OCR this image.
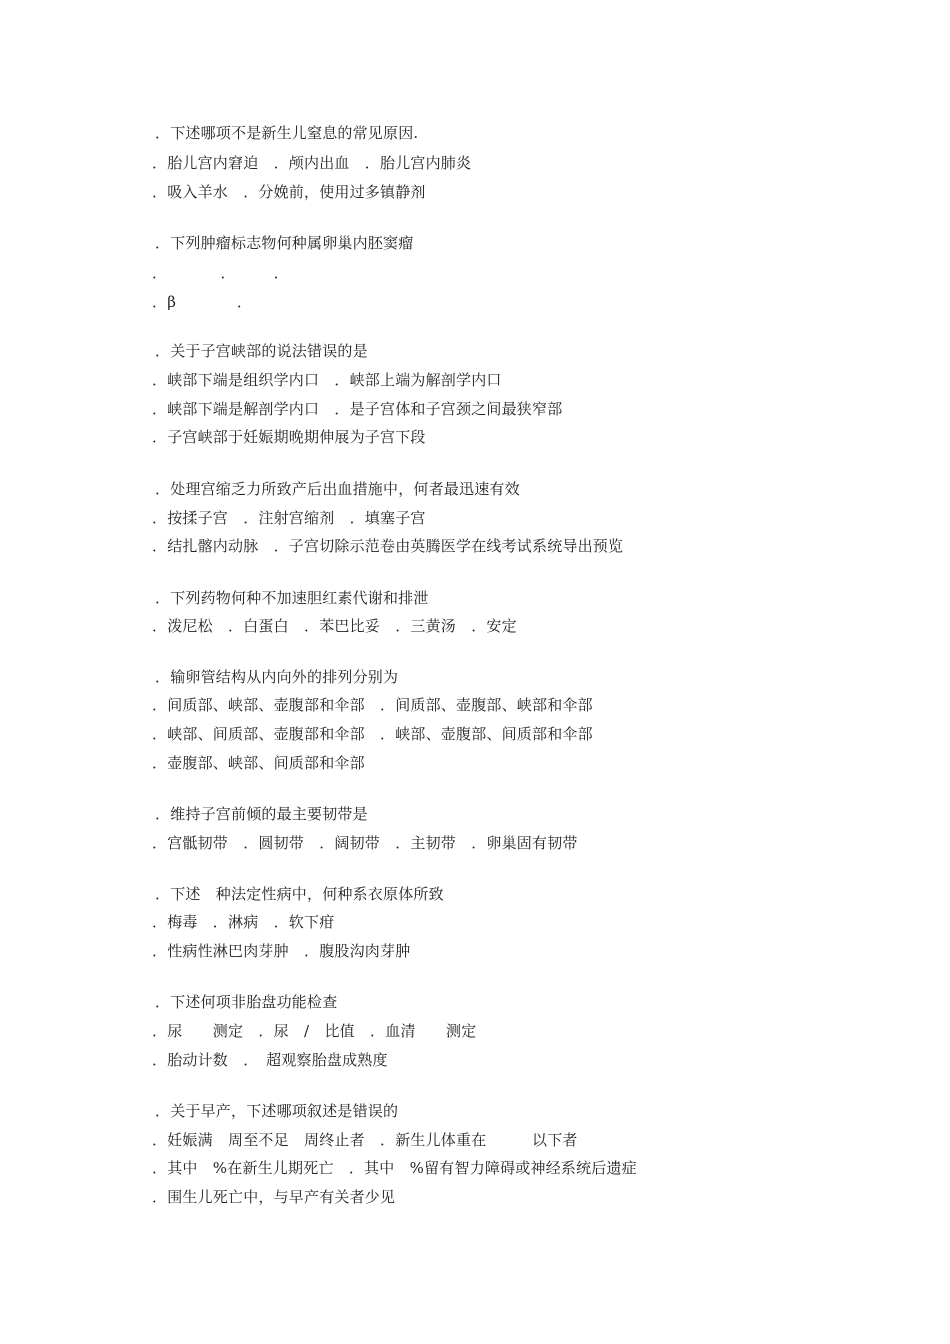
．下述哪项不是新生儿窒息的常见原因.
．胎儿宫内窘迫　．颅内出血　．胎儿宫内肺炎
．吸入羊水　．分娩前，使用过多镇静剂
．下列肿瘤标志物何种属卵巢内胚窦瘤
．　　　　．　　　．
．β　　　　．
．关于子宫峡部的说法错误的是
．峡部下端是组织学内口　．峡部上端为解剖学内口
．峡部下端是解剖学内口　．是子宫体和子宫颈之间最狭窄部
．子宫峡部于妊娠期晚期伸展为子宫下段
．处理宫缩乏力所致产后出血措施中，何者最迅速有效
．按揉子宫　．注射宫缩剂　．填塞子宫
．结扎髂内动脉　．子宫切除示范卷由英腾医学在线考试系统导出预览
．下列药物何种不加速胆红素代谢和排泄
．泼尼松　．白蛋白　．苯巴比妥　．三黄汤　．安定
．输卵管结构从内向外的排列分别为
．间质部、峡部、壶腹部和伞部　．间质部、壶腹部、峡部和伞部
．峡部、间质部、壶腹部和伞部　．峡部、壶腹部、间质部和伞部
．壶腹部、峡部、间质部和伞部
．维持子宫前倾的最主要韧带是
．宫骶韧带　．圆韧带　．阔韧带　．主韧带　．卵巢固有韧带
．下述　种法定性病中，何种系衣原体所致
．梅毒　．淋病　．软下疳
．性病性淋巴肉芽肿　．腹股沟肉芽肿
．下述何项非胎盘功能检查
．尿　　测定　．尿　/　比值　．血清　　测定
．胎动计数　．　超观察胎盘成熟度
．关于早产，下述哪项叙述是错误的
．妊娠满　周至不足　周终止者　．新生儿体重在　　　以下者
．其中　%在新生儿期死亡　．其中　%留有智力障碍或神经系统后遗症
．围生儿死亡中，与早产有关者少见
